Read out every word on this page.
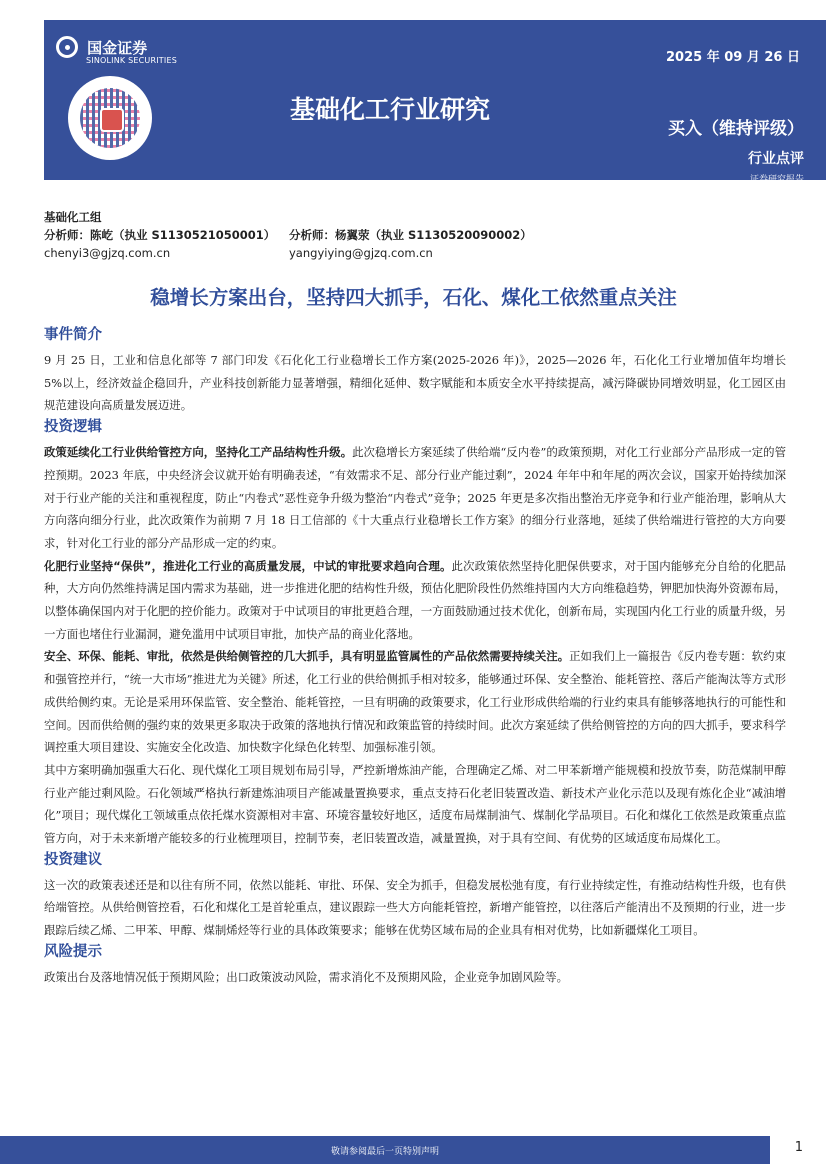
国金证券
SINOLINK SECURITIES	2025 年 09 月 26 日
基础化工行业研究
买入（维持评级）
行业点评
证券研究报告
基础化工组
分析师：陈屹（执业 S1130521050001）	分析师：杨翼荥（执业 S1130520090002）
chenyi3@gjzq.com.cn	yangyiying@gjzq.com.cn
稳增长方案出台，坚持四大抓手，石化、煤化工依然重点关注
事件简介

9 月 25 日，工业和信息化部等 7 部门印发《石化化工行业稳增长工作方案(2025-2026 年)》，2025—2026 年，石化化工行业增加值年均增长 5%以上，经济效益企稳回升，产业科技创新能力显著增强，精细化延伸、数字赋能和本质安全水平持续提高，减污降碳协同增效明显，化工园区由规范建设向高质量发展迈进。

投资逻辑

政策延续化工行业供给管控方向，坚持化工产品结构性升级。此次稳增长方案延续了供给端“反内卷”的政策预期，对化工行业部分产品形成一定的管控预期。2023 年底，中央经济会议就开始有明确表述，“有效需求不足、部分行业产能过剩”，2024 年年中和年尾的两次会议，国家开始持续加深对于行业产能的关注和重视程度，防止“内卷式”恶性竞争升级为整治“内卷式”竞争；2025 年更是多次指出整治无序竞争和行业产能治理，影响从大方向落向细分行业，此次政策作为前期 7 月 18 日工信部的《十大重点行业稳增长工作方案》的细分行业落地，延续了供给端进行管控的大方向要求，针对化工行业的部分产品形成一定的约束。

化肥行业坚持“保供”，推进化工行业的高质量发展，中试的审批要求趋向合理。此次政策依然坚持化肥保供要求，对于国内能够充分自给的化肥品种，大方向仍然维持满足国内需求为基础，进一步推进化肥的结构性升级，预估化肥阶段性仍然维持国内大方向维稳趋势，钾肥加快海外资源布局，以整体确保国内对于化肥的控价能力。政策对于中试项目的审批更趋合理，一方面鼓励通过技术优化，创新布局，实现国内化工行业的质量升级，另一方面也堵住行业漏洞，避免滥用中试项目审批，加快产品的商业化落地。

安全、环保、能耗、审批，依然是供给侧管控的几大抓手，具有明显监管属性的产品依然需要持续关注。正如我们上一篇报告《反内卷专题：软约束和强管控并行，“统一大市场”推进尤为关键》所述，化工行业的供给侧抓手相对较多，能够通过环保、安全整治、能耗管控、落后产能淘汰等方式形成供给侧约束。无论是采用环保监管、安全整治、能耗管控，一旦有明确的政策要求，化工行业形成供给端的行业约束具有能够落地执行的可能性和空间。因而供给侧的强约束的效果更多取决于政策的落地执行情况和政策监管的持续时间。此次方案延续了供给侧管控的方向的四大抓手，要求科学调控重大项目建设、实施安全化改造、加快数字化绿色化转型、加强标准引领。

其中方案明确加强重大石化、现代煤化工项目规划布局引导，严控新增炼油产能，合理确定乙烯、对二甲苯新增产能规模和投放节奏，防范煤制甲醇行业产能过剩风险。石化领域严格执行新建炼油项目产能减量置换要求，重点支持石化老旧装置改造、新技术产业化示范以及现有炼化企业“减油增化”项目；现代煤化工领域重点依托煤水资源相对丰富、环境容量较好地区，适度布局煤制油气、煤制化学品项目。石化和煤化工依然是政策重点监管方向，对于未来新增产能较多的行业梳理项目，控制节奏，老旧装置改造，减量置换，对于具有空间、有优势的区域适度布局煤化工。

投资建议

这一次的政策表述还是和以往有所不同，依然以能耗、审批、环保、安全为抓手，但稳发展松弛有度，有行业持续定性，有推动结构性升级，也有供给端管控。从供给侧管控看，石化和煤化工是首轮重点，建议跟踪一些大方向能耗管控，新增产能管控，以往落后产能清出不及预期的行业，进一步跟踪后续乙烯、二甲苯、甲醇、煤制烯烃等行业的具体政策要求；能够在优势区域布局的企业具有相对优势，比如新疆煤化工项目。

风险提示

政策出台及落地情况低于预期风险；出口政策波动风险，需求消化不及预期风险，企业竞争加剧风险等。

敬请参阅最后一页特别声明	1
